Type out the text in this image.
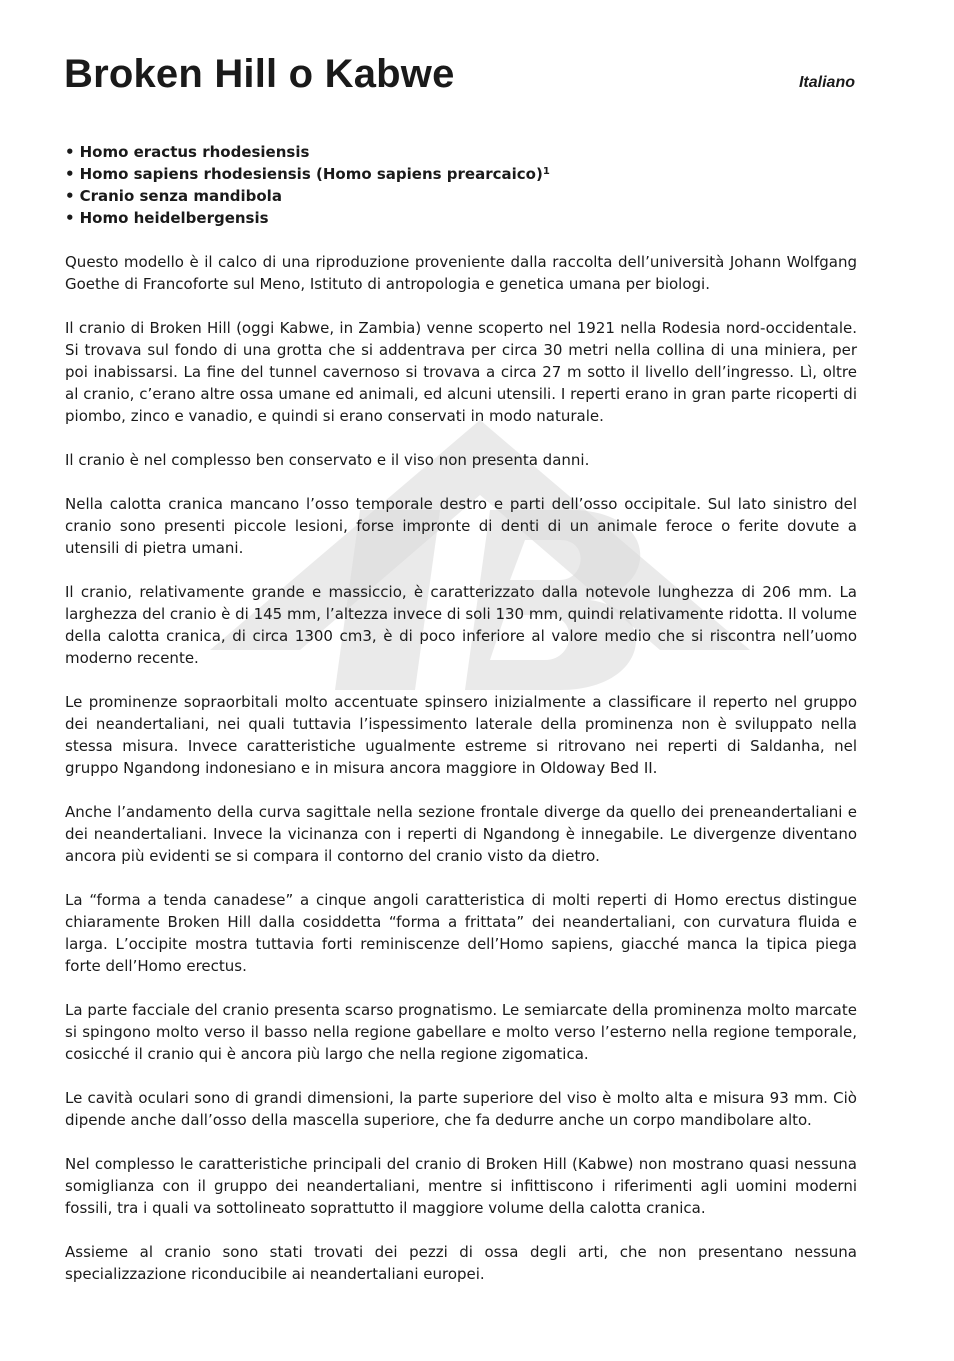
Broken Hill o Kabwe	Italiano
• Homo eractus rhodesiensis
• Homo sapiens rhodesiensis (Homo sapiens prearcaico)$^1$
• Cranio senza mandibola
• Homo heidelbergensis

Questo modello è il calco di una riproduzione proveniente dalla raccolta dell’università Johann Wolfgang Goethe di Francoforte sul Meno, Istituto di antropologia e genetica umana per biologi.

Il cranio di Broken Hill (oggi Kabwe, in Zambia) venne scoperto nel 1921 nella Rodesia nord-occidentale. Si trovava sul fondo di una grotta che si addentrava per circa 30 metri nella collina di una miniera, per poi inabissarsi. La fine del tunnel cavernoso si trovava a circa 27 m sotto il livello dell’ingresso. Lì, oltre al cranio, c’erano altre ossa umane ed animali, ed alcuni utensili. I reperti erano in gran parte ricoperti di piombo, zinco e vanadio, e quindi si erano conservati in modo naturale.

Il cranio è nel complesso ben conservato e il viso non presenta danni.

Nella calotta cranica mancano l’osso temporale destro e parti dell’osso occipitale. Sul lato sinistro del cranio sono presenti piccole lesioni, forse impronte di denti di un animale feroce o ferite dovute a utensili di pietra umani.

Il cranio, relativamente grande e massiccio, è caratterizzato dalla notevole lunghezza di 206 mm. La larghezza del cranio è di 145 mm, l’altezza invece di soli 130 mm, quindi relativamente ridotta. Il volume della calotta cranica, di circa 1300 cm3, è di poco inferiore al valore medio che si riscontra nell’uomo moderno recente.

Le prominenze sopraorbitali molto accentuate spinsero inizialmente a classificare il reperto nel gruppo dei neandertaliani, nei quali tuttavia l’ispessimento laterale della prominenza non è sviluppato nella stessa misura. Invece caratteristiche ugualmente estreme si ritrovano nei reperti di Saldanha, nel gruppo Ngandong indonesiano e in misura ancora maggiore in Oldoway Bed II.

Anche l’andamento della curva sagittale nella sezione frontale diverge da quello dei preneandertaliani e dei neandertaliani. Invece la vicinanza con i reperti di Ngandong è innegabile. Le divergenze diventano ancora più evidenti se si compara il contorno del cranio visto da dietro.

La “forma a tenda canadese” a cinque angoli caratteristica di molti reperti di Homo erectus distingue chiaramente Broken Hill dalla cosiddetta “forma a frittata” dei neandertaliani, con curvatura fluida e larga. L’occipite mostra tuttavia forti reminiscenze dell’Homo sapiens, giacché manca la tipica piega forte dell’Homo erectus.

La parte facciale del cranio presenta scarso prognatismo. Le semiarcate della prominenza molto marcate si spingono molto verso il basso nella regione gabellare e molto verso l’esterno nella regione temporale, cosicché il cranio qui è ancora più largo che nella regione zigomatica.

Le cavità oculari sono di grandi dimensioni, la parte superiore del viso è molto alta e misura 93 mm. Ciò dipende anche dall’osso della mascella superiore, che fa dedurre anche un corpo mandibolare alto.

Nel complesso le caratteristiche principali del cranio di Broken Hill (Kabwe) non mostrano quasi nessuna somiglianza con il gruppo dei neandertaliani, mentre si infittiscono i riferimenti agli uomini moderni fossili, tra i quali va sottolineato soprattutto il maggiore volume della calotta cranica.

Assieme al cranio sono stati trovati dei pezzi di ossa degli arti, che non presentano nessuna specializzazione riconducibile ai neandertaliani europei.
